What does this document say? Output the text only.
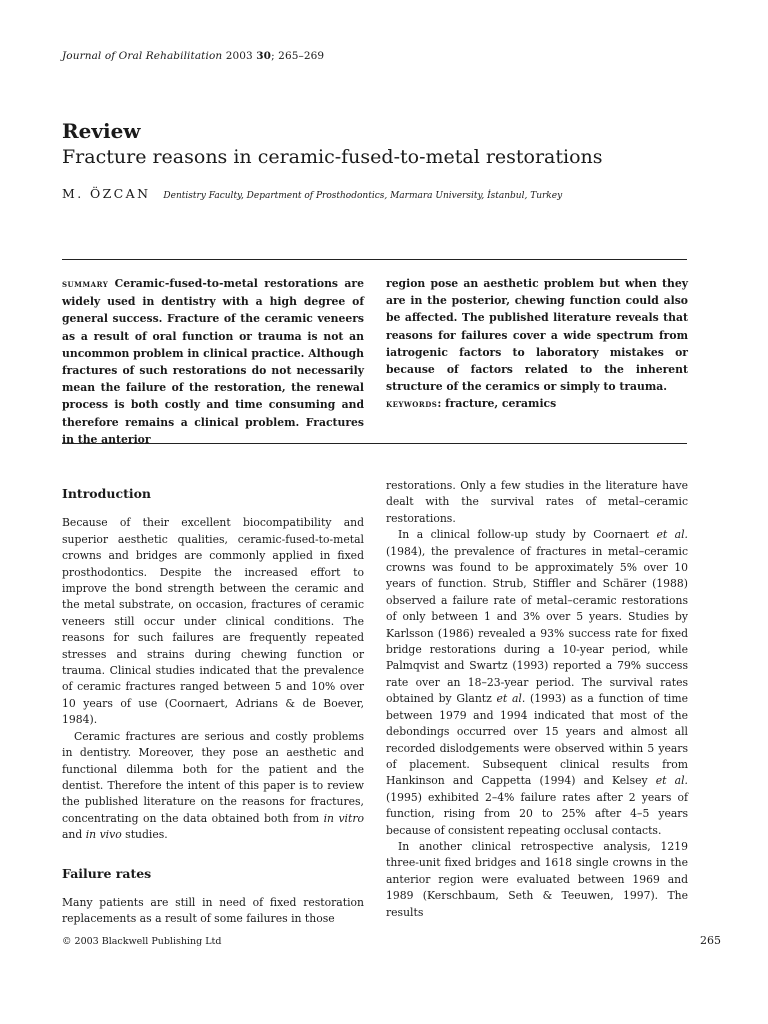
Journal of Oral Rehabilitation 2003 30; 265–269
Review
Fracture reasons in ceramic-fused-to-metal restorations
M. ÖZCAN Dentistry Faculty, Department of Prosthodontics, Marmara University, İstanbul, Turkey
summary Ceramic-fused-to-metal restorations are widely used in dentistry with a high degree of general success. Fracture of the ceramic veneers as a result of oral function or trauma is not an uncommon problem in clinical practice. Although fractures of such restorations do not necessarily mean the failure of the restoration, the renewal process is both costly and time consuming and therefore remains a clinical problem. Fractures in the anterior
region pose an aesthetic problem but when they are in the posterior, chewing function could also be affected. The published literature reveals that reasons for failures cover a wide spectrum from iatrogenic factors to laboratory mistakes or because of factors related to the inherent structure of the ceramics or simply to trauma.
keywords: fracture, ceramics
Introduction

Because of their excellent biocompatibility and superior aesthetic qualities, ceramic-fused-to-metal crowns and bridges are commonly applied in fixed prosthodontics. Despite the increased effort to improve the bond strength between the ceramic and the metal substrate, on occasion, fractures of ceramic veneers still occur under clinical conditions. The reasons for such failures are frequently repeated stresses and strains during chewing function or trauma. Clinical studies indicated that the prevalence of ceramic fractures ranged between 5 and 10% over 10 years of use (Coornaert, Adrians & de Boever, 1984).

Ceramic fractures are serious and costly problems in dentistry. Moreover, they pose an aesthetic and functional dilemma both for the patient and the dentist. Therefore the intent of this paper is to review the published literature on the reasons for fractures, concentrating on the data obtained both from in vitro and in vivo studies.

Failure rates

Many patients are still in need of fixed restoration replacements as a result of some failures in those

restorations. Only a few studies in the literature have dealt with the survival rates of metal–ceramic restorations.

In a clinical follow-up study by Coornaert et al. (1984), the prevalence of fractures in metal–ceramic crowns was found to be approximately 5% over 10 years of function. Strub, Stiffler and Schärer (1988) observed a failure rate of metal–ceramic restorations of only between 1 and 3% over 5 years. Studies by Karlsson (1986) revealed a 93% success rate for fixed bridge restorations during a 10-year period, while Palmqvist and Swartz (1993) reported a 79% success rate over an 18–23-year period. The survival rates obtained by Glantz et al. (1993) as a function of time between 1979 and 1994 indicated that most of the debondings occurred over 15 years and almost all recorded dislodgements were observed within 5 years of placement. Subsequent clinical results from Hankinson and Cappetta (1994) and Kelsey et al. (1995) exhibited 2–4% failure rates after 2 years of function, rising from 20 to 25% after 4–5 years because of consistent repeating occlusal contacts.

In another clinical retrospective analysis, 1219 three-unit fixed bridges and 1618 single crowns in the anterior region were evaluated between 1969 and 1989 (Kerschbaum, Seth & Teeuwen, 1997). The results

© 2003 Blackwell Publishing Ltd	265
